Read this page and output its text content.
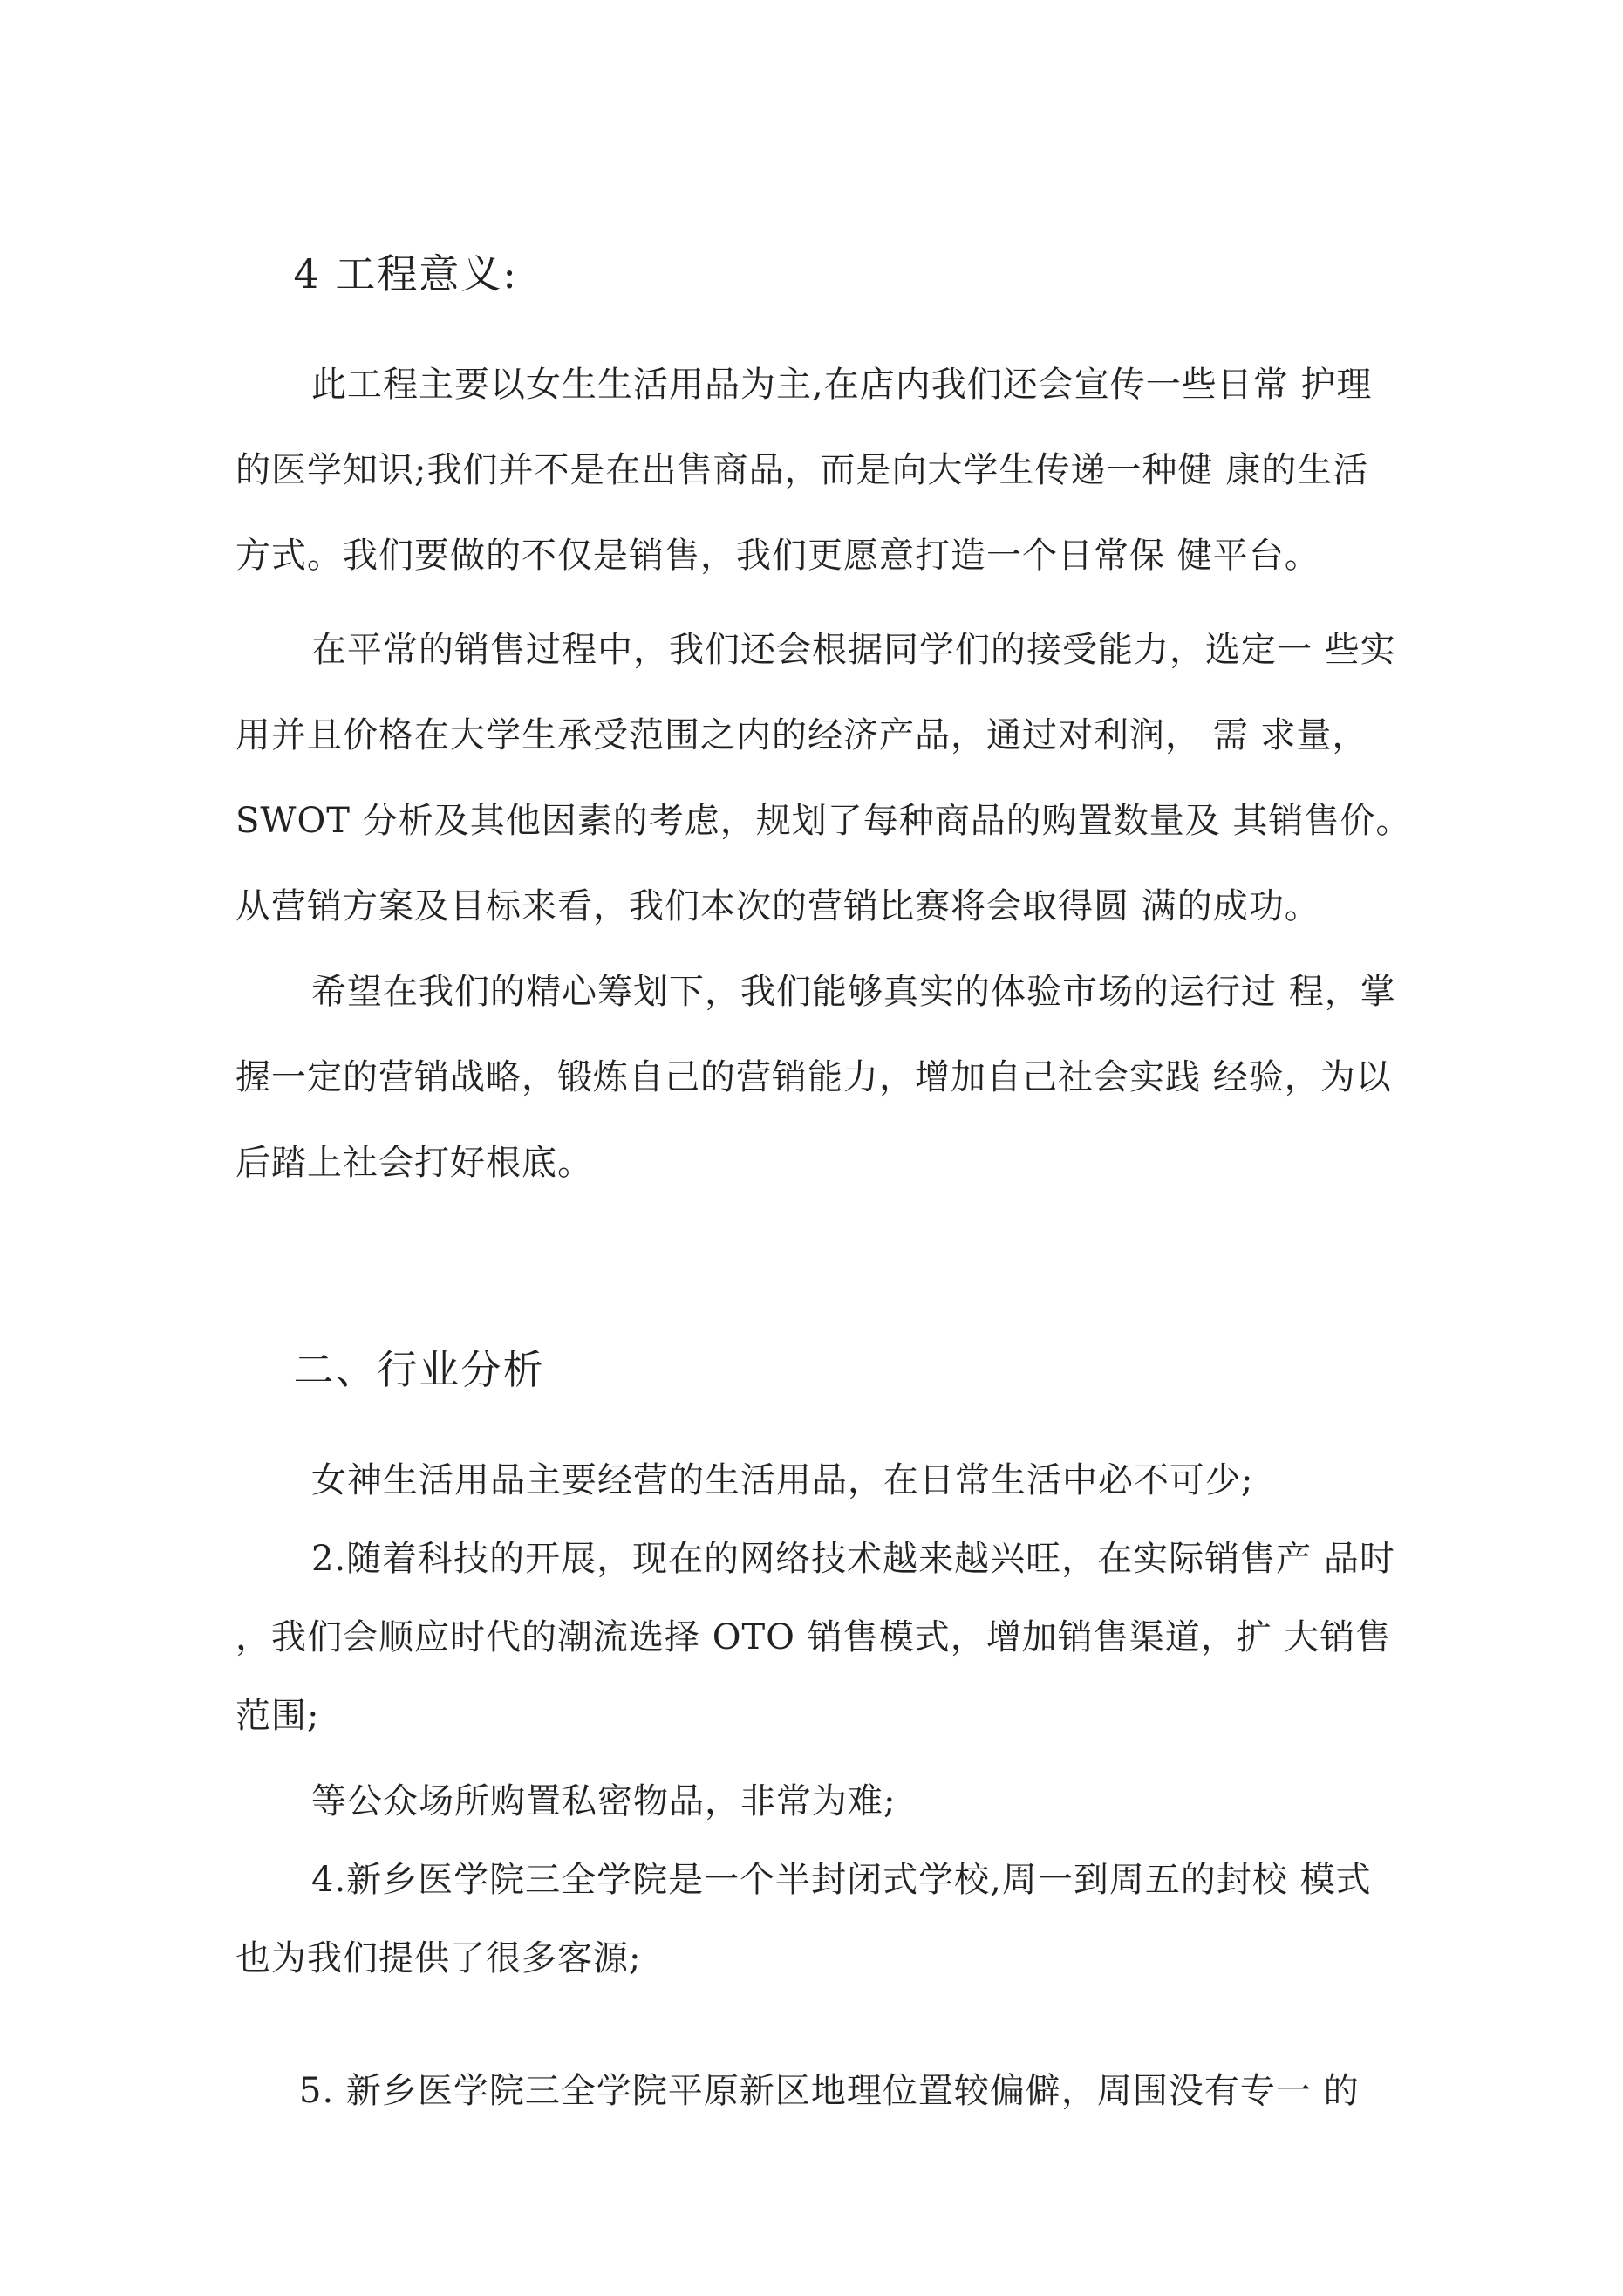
4 工程意义:

此工程主要以女生生活用品为主,在店内我们还会宣传一些日常 护理

的医学知识;我们并不是在出售商品，而是向大学生传递一种健 康的生活

方式。我们要做的不仅是销售，我们更愿意打造一个日常保 健平台。

在平常的销售过程中，我们还会根据同学们的接受能力，选定一 些实

用并且价格在大学生承受范围之内的经济产品，通过对利润， 需 求量，

SWOT 分析及其他因素的考虑，规划了每种商品的购置数量及 其销售价。

从营销方案及目标来看，我们本次的营销比赛将会取得圆 满的成功。

希望在我们的精心筹划下，我们能够真实的体验市场的运行过 程，掌

握一定的营销战略，锻炼自己的营销能力，增加自己社会实践 经验，为以

后踏上社会打好根底。

二、行业分析

女神生活用品主要经营的生活用品，在日常生活中必不可少;

2.随着科技的开展，现在的网络技术越来越兴旺，在实际销售产 品时

，我们会顺应时代的潮流选择 OTO 销售模式，增加销售渠道，扩 大销售

范围;

等公众场所购置私密物品，非常为难;

4.新乡医学院三全学院是一个半封闭式学校,周一到周五的封校 模式

也为我们提供了很多客源;

5. 新乡医学院三全学院平原新区地理位置较偏僻，周围没有专一 的
